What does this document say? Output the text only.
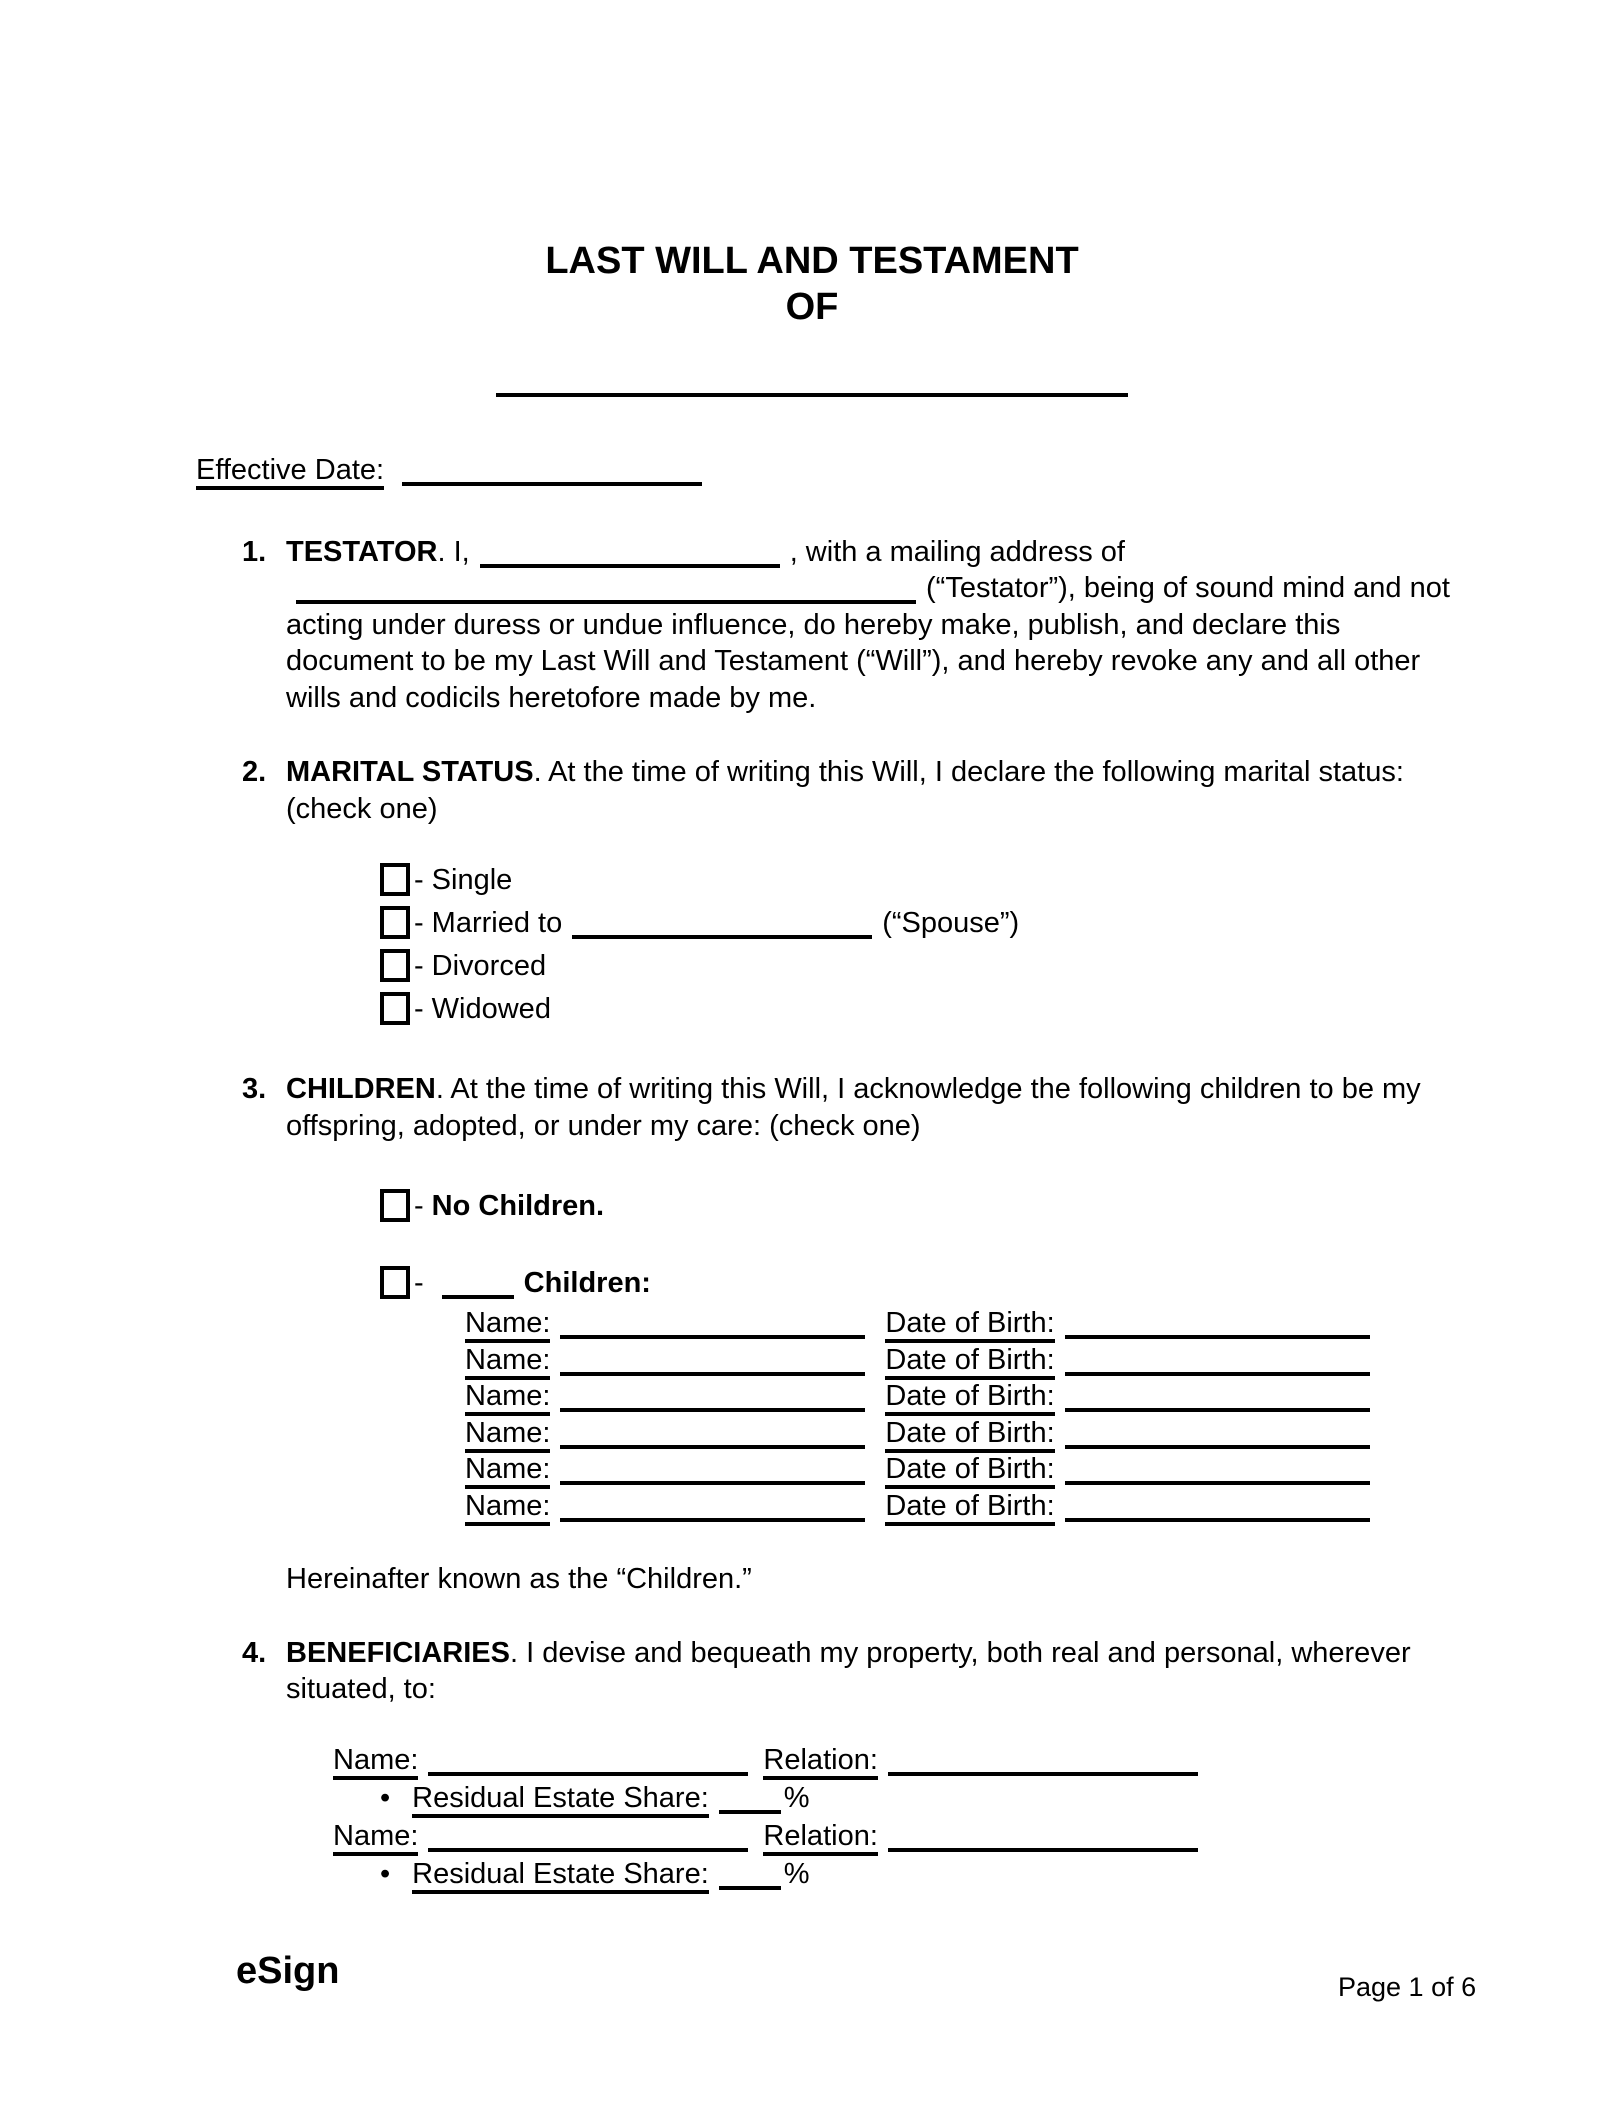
LAST WILL AND TESTAMENT
OF
Effective Date:
1. TESTATOR. I,	, with a mailing address of (“Testator”), being of sound mind and not acting under duress or undue influence, do hereby make, publish, and declare this document to be my Last Will and Testament (“Will”), and hereby revoke any and all other wills and codicils heretofore made by me.
2. MARITAL STATUS. At the time of writing this Will, I declare the following marital status: (check one)
- Single
- Married to	(“Spouse”)
- Divorced
- Widowed
3. CHILDREN. At the time of writing this Will, I acknowledge the following children to be my offspring, adopted, or under my care: (check one)
- No Children.
-	Children:
Name:	Date of Birth:
Name:	Date of Birth:
Name:	Date of Birth:
Name:	Date of Birth:
Name:	Date of Birth:
Name:	Date of Birth:
Hereinafter known as the “Children.”
4. BENEFICIARIES. I devise and bequeath my property, both real and personal, wherever situated, to:
Name:	Relation:
• Residual Estate Share:	%
Name:	Relation:
• Residual Estate Share:	%
eSign	Page 1 of 6
